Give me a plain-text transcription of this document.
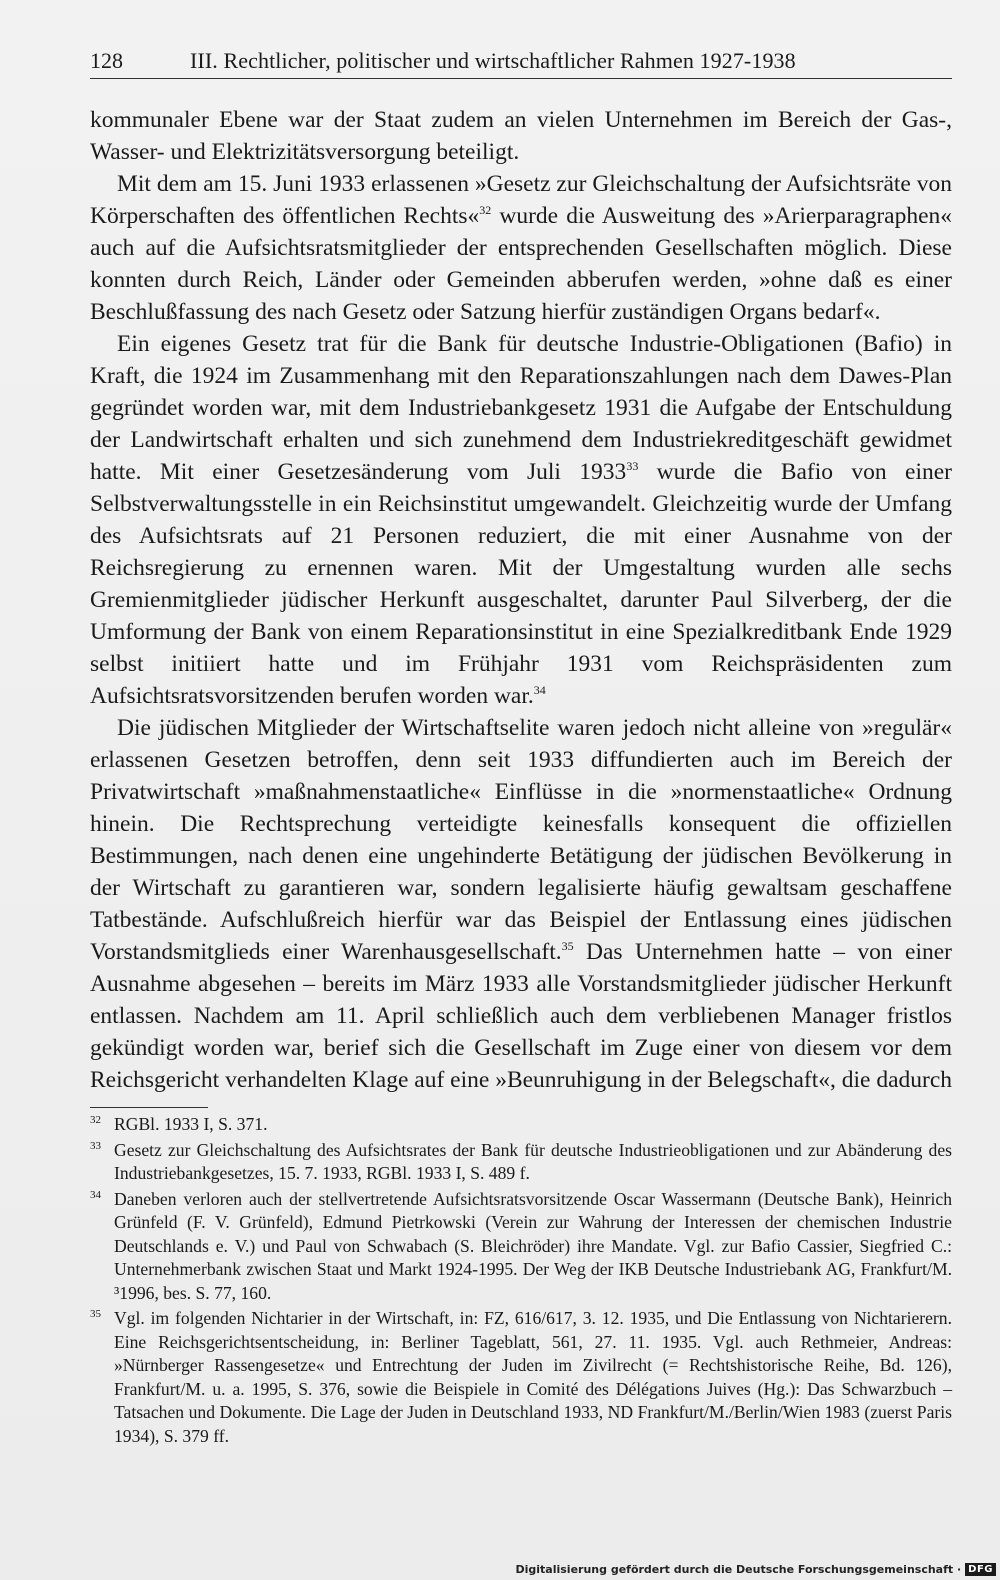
128	III. Rechtlicher, politischer und wirtschaftlicher Rahmen 1927-1938

kommunaler Ebene war der Staat zudem an vielen Unternehmen im Bereich der Gas-, Wasser- und Elektrizitätsversorgung beteiligt.

Mit dem am 15. Juni 1933 erlassenen »Gesetz zur Gleichschaltung der Aufsichtsräte von Körperschaften des öffentlichen Rechts«$^{32}$ wurde die Ausweitung des »Arierparagraphen« auch auf die Aufsichtsratsmitglieder der entsprechenden Gesellschaften möglich. Diese konnten durch Reich, Länder oder Gemeinden abberufen werden, »ohne daß es einer Beschlußfassung des nach Gesetz oder Satzung hierfür zuständigen Organs bedarf«.

Ein eigenes Gesetz trat für die Bank für deutsche Industrie-Obligationen (Bafio) in Kraft, die 1924 im Zusammenhang mit den Reparationszahlungen nach dem Dawes-Plan gegründet worden war, mit dem Industriebankgesetz 1931 die Aufgabe der Entschuldung der Landwirtschaft erhalten und sich zunehmend dem Industriekreditgeschäft gewidmet hatte. Mit einer Gesetzesänderung vom Juli 1933$^{33}$ wurde die Bafio von einer Selbstverwaltungsstelle in ein Reichsinstitut umgewandelt. Gleichzeitig wurde der Umfang des Aufsichtsrats auf 21 Personen reduziert, die mit einer Ausnahme von der Reichsregierung zu ernennen waren. Mit der Umgestaltung wurden alle sechs Gremienmitglieder jüdischer Herkunft ausgeschaltet, darunter Paul Silverberg, der die Umformung der Bank von einem Reparationsinstitut in eine Spezialkreditbank Ende 1929 selbst initiiert hatte und im Frühjahr 1931 vom Reichspräsidenten zum Aufsichtsratsvorsitzenden berufen worden war.$^{34}$

Die jüdischen Mitglieder der Wirtschaftselite waren jedoch nicht alleine von »regulär« erlassenen Gesetzen betroffen, denn seit 1933 diffundierten auch im Bereich der Privatwirtschaft »maßnahmenstaatliche« Einflüsse in die »normenstaatliche« Ordnung hinein. Die Rechtsprechung verteidigte keinesfalls konsequent die offiziellen Bestimmungen, nach denen eine ungehinderte Betätigung der jüdischen Bevölkerung in der Wirtschaft zu garantieren war, sondern legalisierte häufig gewaltsam geschaffene Tatbestände. Aufschlußreich hierfür war das Beispiel der Entlassung eines jüdischen Vorstandsmitglieds einer Warenhausgesellschaft.$^{35}$ Das Unternehmen hatte – von einer Ausnahme abgesehen – bereits im März 1933 alle Vorstandsmitglieder jüdischer Herkunft entlassen. Nachdem am 11. April schließlich auch dem verbliebenen Manager fristlos gekündigt worden war, berief sich die Gesellschaft im Zuge einer von diesem vor dem Reichsgericht verhandelten Klage auf eine »Beunruhigung in der Belegschaft«, die dadurch

32 RGBl. 1933 I, S. 371.
33 Gesetz zur Gleichschaltung des Aufsichtsrates der Bank für deutsche Industrieobligationen und zur Abänderung des Industriebankgesetzes, 15. 7. 1933, RGBl. 1933 I, S. 489 f.
34 Daneben verloren auch der stellvertretende Aufsichtsratsvorsitzende Oscar Wassermann (Deutsche Bank), Heinrich Grünfeld (F. V. Grünfeld), Edmund Pietrkowski (Verein zur Wahrung der Interessen der chemischen Industrie Deutschlands e. V.) und Paul von Schwabach (S. Bleichröder) ihre Mandate. Vgl. zur Bafio Cassier, Siegfried C.: Unternehmerbank zwischen Staat und Markt 1924-1995. Der Weg der IKB Deutsche Industriebank AG, Frankfurt/M. ³1996, bes. S. 77, 160.
35 Vgl. im folgenden Nichtarier in der Wirtschaft, in: FZ, 616/617, 3. 12. 1935, und Die Entlassung von Nichtarierern. Eine Reichsgerichtsentscheidung, in: Berliner Tageblatt, 561, 27. 11. 1935. Vgl. auch Rethmeier, Andreas: »Nürnberger Rassengesetze« und Entrechtung der Juden im Zivilrecht (= Rechtshistorische Reihe, Bd. 126), Frankfurt/M. u. a. 1995, S. 376, sowie die Beispiele in Comité des Délégations Juives (Hg.): Das Schwarzbuch – Tatsachen und Dokumente. Die Lage der Juden in Deutschland 1933, ND Frankfurt/M./Berlin/Wien 1983 (zuerst Paris 1934), S. 379 ff.
Digitalisierung gefördert durch die Deutsche Forschungsgemeinschaft · DFG
